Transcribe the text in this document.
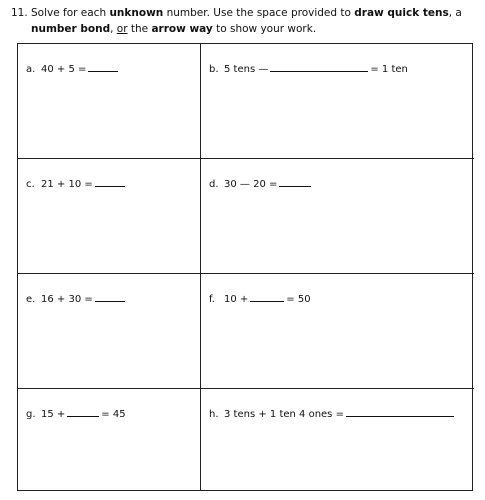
11. Solve for each unknown number. Use the space provided to draw quick tens, a
number bond, or the arrow way to show your work.
a. 40 + 5 =	b. 5 tens —	= 1 ten
c. 21 + 10 =	d. 30 — 20 =
e. 16 + 30 =	f. 10 +	= 50
g. 15 +	= 45	h. 3 tens + 1 ten 4 ones =
